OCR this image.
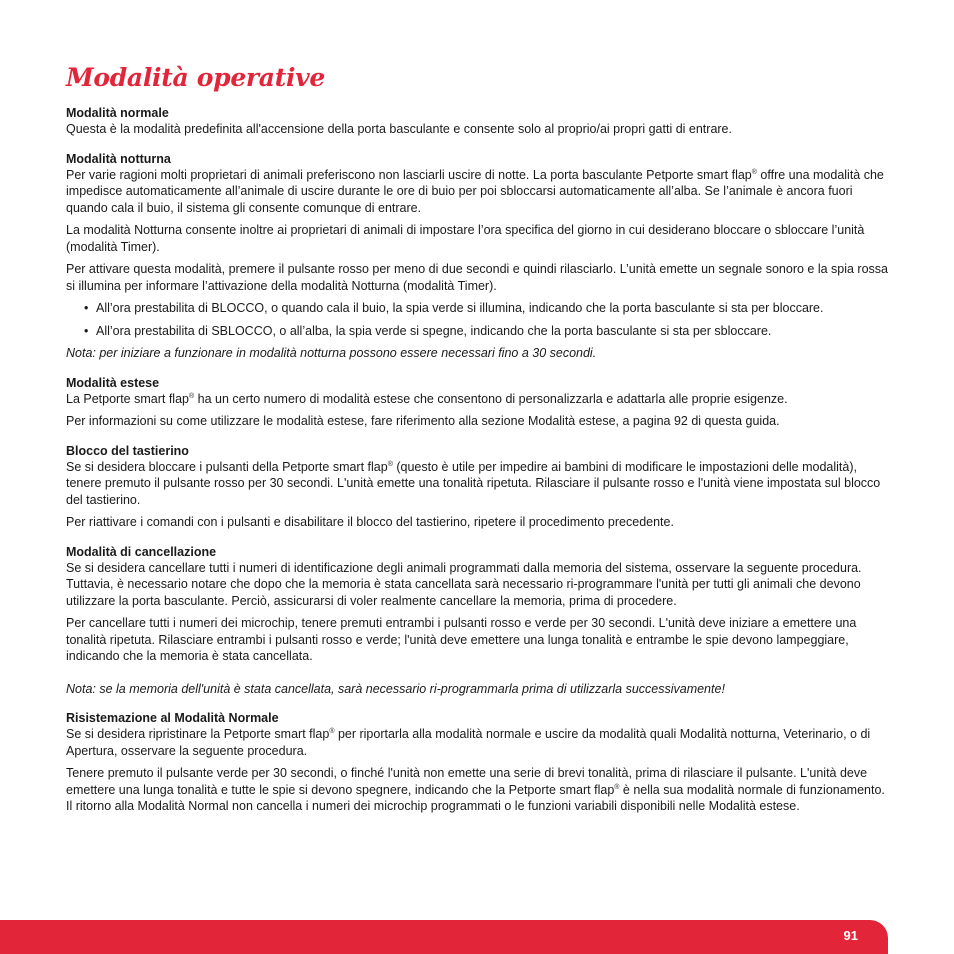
Modalità operative
Modalità normale

Questa è la modalità predefinita all'accensione della porta basculante e consente solo al proprio/ai propri gatti di entrare.

Modalità notturna

Per varie ragioni molti proprietari di animali preferiscono non lasciarli uscire di notte. La porta basculante Petporte smart flap® offre una modalità che impedisce automaticamente all’animale di uscire durante le ore di buio per poi sbloccarsi automaticamente all’alba. Se l’animale è ancora fuori quando cala il buio, il sistema gli consente comunque di entrare.

La modalità Notturna consente inoltre ai proprietari di animali di impostare l’ora specifica del giorno in cui desiderano bloccare o sbloccare l’unità (modalità Timer).

Per attivare questa modalità, premere il pulsante rosso per meno di due secondi e quindi rilasciarlo. L’unità emette un segnale sonoro e la spia rossa si illumina per informare l’attivazione della modalità Notturna (modalità Timer).

• All’ora prestabilita di BLOCCO, o quando cala il buio, la spia verde si illumina, indicando che la porta basculante si sta per bloccare.
• All’ora prestabilita di SBLOCCO, o all’alba, la spia verde si spegne, indicando che la porta basculante si sta per sbloccare.

Nota: per iniziare a funzionare in modalità notturna possono essere necessari fino a 30 secondi.

Modalità estese

La Petporte smart flap® ha un certo numero di modalità estese che consentono di personalizzarla e adattarla alle proprie esigenze.

Per informazioni su come utilizzare le modalità estese, fare riferimento alla sezione Modalità estese, a pagina 92 di questa guida.

Blocco del tastierino

Se si desidera bloccare i pulsanti della Petporte smart flap® (questo è utile per impedire ai bambini di modificare le impostazioni delle modalità), tenere premuto il pulsante rosso per 30 secondi. L'unità emette una tonalità ripetuta. Rilasciare il pulsante rosso e l'unità viene impostata sul blocco del tastierino.

Per riattivare i comandi con i pulsanti e disabilitare il blocco del tastierino, ripetere il procedimento precedente.

Modalità di cancellazione

Se si desidera cancellare tutti i numeri di identificazione degli animali programmati dalla memoria del sistema, osservare la seguente procedura. Tuttavia, è necessario notare che dopo che la memoria è stata cancellata sarà necessario ri-programmare l'unità per tutti gli animali che devono utilizzare la porta basculante. Perciò, assicurarsi di voler realmente cancellare la memoria, prima di procedere.

Per cancellare tutti i numeri dei microchip, tenere premuti entrambi i pulsanti rosso e verde per 30 secondi. L'unità deve iniziare a emettere una tonalità ripetuta. Rilasciare entrambi i pulsanti rosso e verde; l'unità deve emettere una lunga tonalità e entrambe le spie devono lampeggiare, indicando che la memoria è stata cancellata.

Nota: se la memoria dell'unità è stata cancellata, sarà necessario ri-programmarla prima di utilizzarla successivamente!

Risistemazione al Modalità Normale

Se si desidera ripristinare la Petporte smart flap® per riportarla alla modalità normale e uscire da modalità quali Modalità notturna, Veterinario, o di Apertura, osservare la seguente procedura.

Tenere premuto il pulsante verde per 30 secondi, o finché l'unità non emette una serie di brevi tonalità, prima di rilasciare il pulsante. L'unità deve emettere una lunga tonalità e tutte le spie si devono spegnere, indicando che la Petporte smart flap® è nella sua modalità normale di funzionamento. Il ritorno alla Modalità Normal non cancella i numeri dei microchip programmati o le funzioni variabili disponibili nelle Modalità estese.

91
